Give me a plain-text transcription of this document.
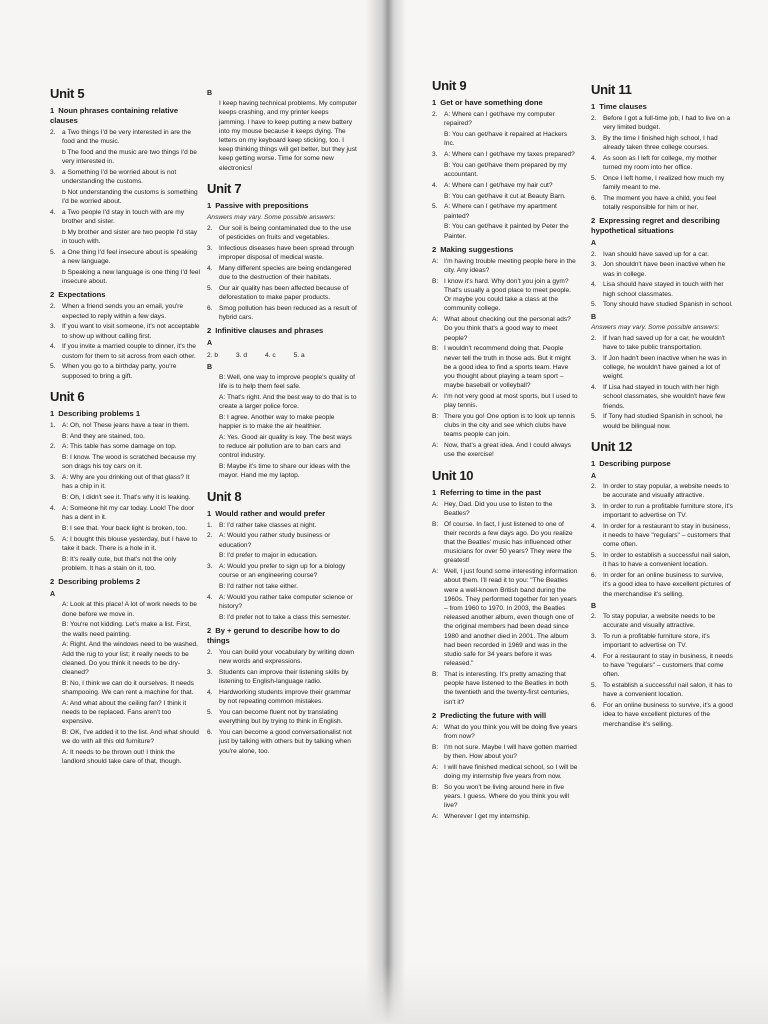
Unit 5
1 Noun phrases containing relative clauses
2. a Two things I'd be very interested in are the food and the music.
b The food and the music are two things I'd be very interested in.
3. a Something I'd be worried about is not understanding the customs.
b Not understanding the customs is something I'd be worried about.
4. a Two people I'd stay in touch with are my brother and sister.
b My brother and sister are two people I'd stay in touch with.
5. a One thing I'd feel insecure about is speaking a new language.
b Speaking a new language is one thing I'd feel insecure about.
2 Expectations
2. When a friend sends you an email, you're expected to reply within a few days.
3. If you want to visit someone, it's not acceptable to show up without calling first.
4. If you invite a married couple to dinner, it's the custom for them to sit across from each other.
5. When you go to a birthday party, you're supposed to bring a gift.
Unit 6
1 Describing problems 1
1. A: Oh, no! These jeans have a tear in them.
B: And they are stained, too.
2. A: This table has some damage on top.
B: I know. The wood is scratched because my son drags his toy cars on it.
3. A: Why are you drinking out of that glass? It has a chip in it.
B: Oh, I didn't see it. That's why it is leaking.
4. A: Someone hit my car today. Look! The door has a dent in it.
B: I see that. Your back light is broken, too.
5. A: I bought this blouse yesterday, but I have to take it back. There is a hole in it.
B: It's really cute, but that's not the only problem. It has a stain on it, too.
2 Describing problems 2
A
A: Look at this place! A lot of work needs to be done before we move in.
B: You're not kidding. Let's make a list. First, the walls need painting.
A: Right. And the windows need to be washed. Add the rug to your list; it really needs to be cleaned. Do you think it needs to be dry-cleaned?
B: No, I think we can do it ourselves. It needs shampooing. We can rent a machine for that.
A: And what about the ceiling fan? I think it needs to be replaced. Fans aren't too expensive.
B: OK, I've added it to the list. And what should we do with all this old furniture?
A: It needs to be thrown out! I think the landlord should take care of that, though.
B
I keep having technical problems. My computer keeps crashing, and my printer keeps jamming. I have to keep putting a new battery into my mouse because it keeps dying. The letters on my keyboard keep sticking, too. I keep thinking things will get better, but they just keep getting worse. Time for some new electronics!
Unit 7
1 Passive with prepositions
Answers may vary. Some possible answers:
2. Our soil is being contaminated due to the use of pesticides on fruits and vegetables.
3. Infectious diseases have been spread through improper disposal of medical waste.
4. Many different species are being endangered due to the destruction of their habitats.
5. Our air quality has been affected because of deforestation to make paper products.
6. Smog pollution has been reduced as a result of hybrid cars.
2 Infinitive clauses and phrases
A
2. b	3. d	4. c	5. a
B
B: Well, one way to improve people's quality of life is to help them feel safe.
A: That's right. And the best way to do that is to create a larger police force.
B: I agree. Another way to make people happier is to make the air healthier.
A: Yes. Good air quality is key. The best ways to reduce air pollution are to ban cars and control industry.
B: Maybe it's time to share our ideas with the mayor. Hand me my laptop.
Unit 8
1 Would rather and would prefer
1. B: I'd rather take classes at night.
2. A: Would you rather study business or education?
B: I'd prefer to major in education.
3. A: Would you prefer to sign up for a biology course or an engineering course?
B: I'd rather not take either.
4. A: Would you rather take computer science or history?
B: I'd prefer not to take a class this semester.
2 By + gerund to describe how to do things
2. You can build your vocabulary by writing down new words and expressions.
3. Students can improve their listening skills by listening to English-language radio.
4. Hardworking students improve their grammar by not repeating common mistakes.
5. You can become fluent not by translating everything but by trying to think in English.
6. You can become a good conversationalist not just by talking with others but by talking when you're alone, too.
Unit 9
1 Get or have something done
2. A: Where can I get/have my computer repaired?
B: You can get/have it repaired at Hackers Inc.
3. A: Where can I get/have my taxes prepared?
B: You can get/have them prepared by my accountant.
4. A: Where can I get/have my hair cut?
B: You can get/have it cut at Beauty Barn.
5. A: Where can I get/have my apartment painted?
B: You can get/have it painted by Peter the Painter.
2 Making suggestions
A: I'm having trouble meeting people here in the city. Any ideas?
B: I know it's hard. Why don't you join a gym? That's usually a good place to meet people. Or maybe you could take a class at the community college.
A: What about checking out the personal ads? Do you think that's a good way to meet people?
B: I wouldn't recommend doing that. People never tell the truth in those ads. But it might be a good idea to find a sports team. Have you thought about playing a team sport – maybe baseball or volleyball?
A: I'm not very good at most sports, but I used to play tennis.
B: There you go! One option is to look up tennis clubs in the city and see which clubs have teams people can join.
A: Now, that's a great idea. And I could always use the exercise!
Unit 10
1 Referring to time in the past
A: Hey, Dad. Did you use to listen to the Beatles?
B: Of course. In fact, I just listened to one of their records a few days ago. Do you realize that the Beatles' music has influenced other musicians for over 50 years? They were the greatest!
A: Well, I just found some interesting information about them. I'll read it to you: "The Beatles were a well-known British band during the 1960s. They performed together for ten years – from 1960 to 1970. In 2003, the Beatles released another album, even though one of the original members had been dead since 1980 and another died in 2001. The album had been recorded in 1969 and was in the studio safe for 34 years before it was released."
B: That is interesting. It's pretty amazing that people have listened to the Beatles in both the twentieth and the twenty-first centuries, isn't it?
2 Predicting the future with will
A: What do you think you will be doing five years from now?
B: I'm not sure. Maybe I will have gotten married by then. How about you?
A: I will have finished medical school, so I will be doing my internship five years from now.
B: So you won't be living around here in five years. I guess. Where do you think you will live?
A: Wherever I get my internship.
Unit 11
1 Time clauses
2. Before I got a full-time job, I had to live on a very limited budget.
3. By the time I finished high school, I had already taken three college courses.
4. As soon as I left for college, my mother turned my room into her office.
5. Once I left home, I realized how much my family meant to me.
6. The moment you have a child, you feel totally responsible for him or her.
2 Expressing regret and describing hypothetical situations
A
2. Ivan should have saved up for a car.
3. Jon shouldn't have been inactive when he was in college.
4. Lisa should have stayed in touch with her high school classmates.
5. Tony should have studied Spanish in school.
B
Answers may vary. Some possible answers:
2. If Ivan had saved up for a car, he wouldn't have to take public transportation.
3. If Jon hadn't been inactive when he was in college, he wouldn't have gained a lot of weight.
4. If Lisa had stayed in touch with her high school classmates, she wouldn't have few friends.
5. If Tony had studied Spanish in school, he would be bilingual now.
Unit 12
1 Describing purpose
A
2. In order to stay popular, a website needs to be accurate and visually attractive.
3. In order to run a profitable furniture store, it's important to advertise on TV.
4. In order for a restaurant to stay in business, it needs to have "regulars" – customers that come often.
5. In order to establish a successful nail salon, it has to have a convenient location.
6. In order for an online business to survive, it's a good idea to have excellent pictures of the merchandise it's selling.
B
2. To stay popular, a website needs to be accurate and visually attractive.
3. To run a profitable furniture store, it's important to advertise on TV.
4. For a restaurant to stay in business, it needs to have "regulars" – customers that come often.
5. To establish a successful nail salon, it has to have a convenient location.
6. For an online business to survive, it's a good idea to have excellent pictures of the merchandise it's selling.
